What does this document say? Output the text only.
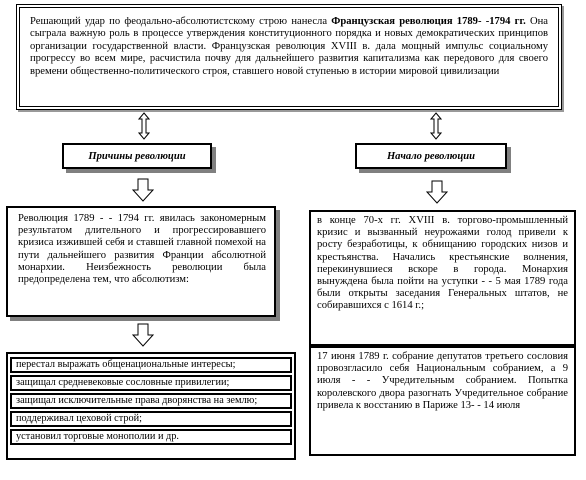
Решающий удар по феодально-абсолютистскому строю нанесла Французская революция 1789- -1794 гг. Она сыграла важную роль в процессе утверждения конституционного порядка и новых демократических принципов организации государственной власти. Французская революция XVIII в. дала мощный импульс социальному прогрессу во всем мире, расчистила почву для дальнейшего развития капитализма как передового для своего времени общественно-политического строя, ставшего новой ступенью в истории мировой цивилизации
Причины революции	Начало революции
Революция 1789 - - 1794 гг. явилась закономерным результатом длительного и прогрессировавшего кризиса изжившей себя и ставшей главной помехой на пути дальнейшего развития Франции абсолютной монархии. Неизбежность революции была предопределена тем, что абсолютизм:
перестал выражать общенациональные интересы;
защищал средневековые сословные привилегии;
защищал исключительные права дворянства на землю;
поддерживал цеховой строй;
установил торговые монополии и др.
в конце 70-х гг. XVIII в. торгово-промышленный кризис и вызванный неурожаями голод привели к росту безработицы, к обнищанию городских низов и крестьянства. Начались крестьянские волнения, перекинувшиеся вскоре в города. Монархия вынуждена была пойти на уступки - - 5 мая 1789 года были открыты заседания Генеральных штатов, не собиравшихся с 1614 г.;
17 июня 1789 г. собрание депутатов третьего сословия провозгласило себя Национальным собранием, а 9 июля - - Учредительным собранием. Попытка королевского двора разогнать Учредительное собрание привела к восстанию в Париже 13- - 14 июля
